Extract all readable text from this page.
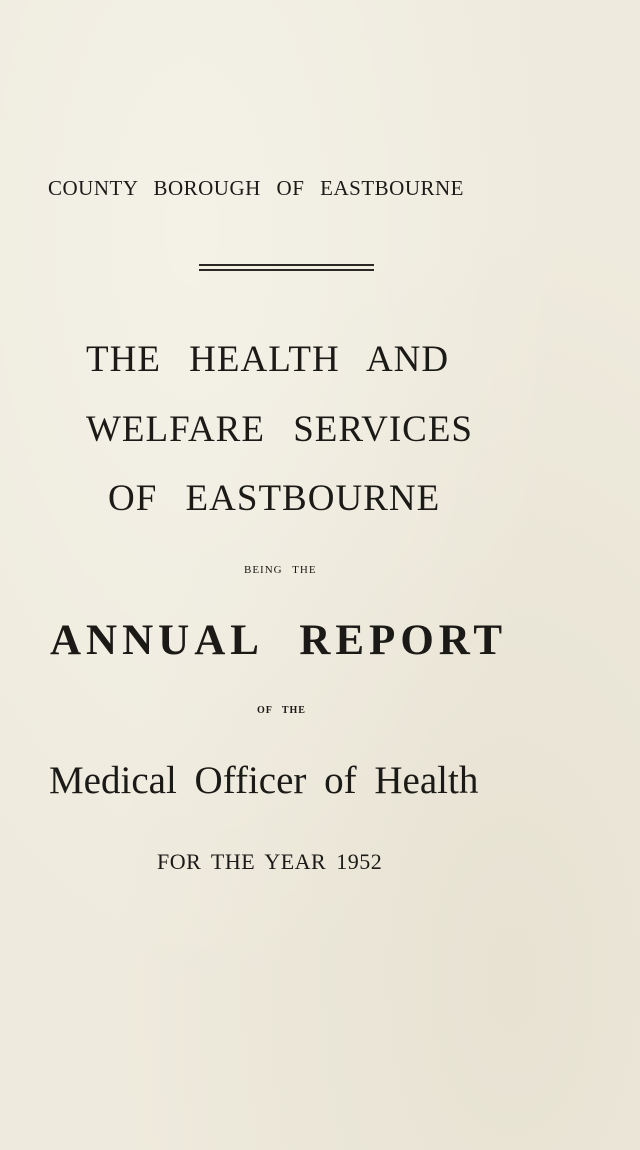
COUNTY BOROUGH OF EASTBOURNE
THE HEALTH AND
WELFARE SERVICES
OF EASTBOURNE
BEING THE
ANNUAL REPORT
OF THE
Medical Officer of Health
FOR THE YEAR 1952
